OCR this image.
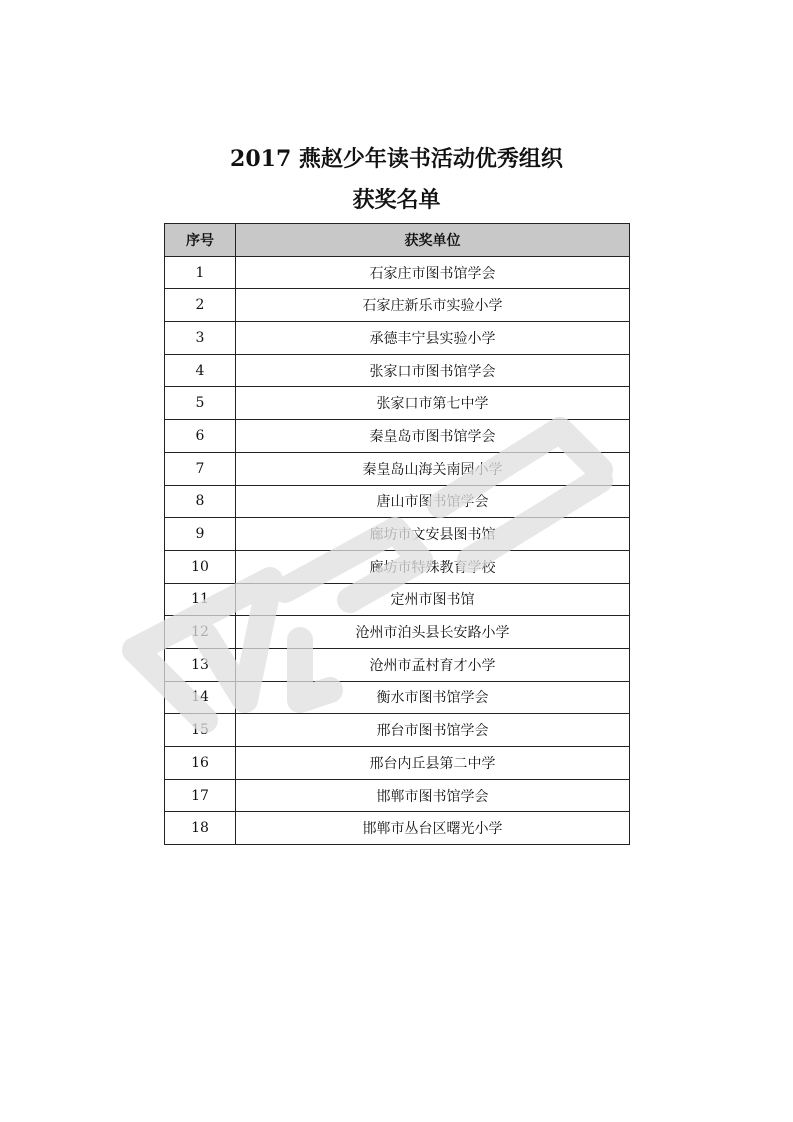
2017 燕赵少年读书活动优秀组织
获奖名单
序号	获奖单位
1	石家庄市图书馆学会
2	石家庄新乐市实验小学
3	承德丰宁县实验小学
4	张家口市图书馆学会
5	张家口市第七中学
6	秦皇岛市图书馆学会
7	秦皇岛山海关南园小学
8	唐山市图书馆学会
9	廊坊市文安县图书馆
10	廊坊市特殊教育学校
11	定州市图书馆
12	沧州市泊头县长安路小学
13	沧州市孟村育才小学
14	衡水市图书馆学会
15	邢台市图书馆学会
16	邢台内丘县第二中学
17	邯郸市图书馆学会
18	邯郸市丛台区曙光小学
